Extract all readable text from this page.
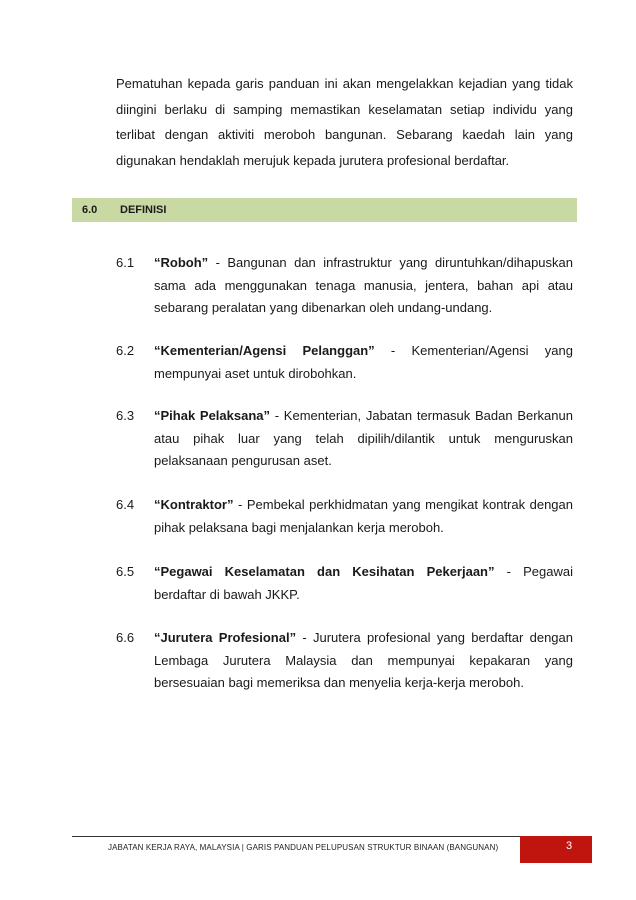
Pematuhan kepada garis panduan ini akan mengelakkan kejadian yang tidak diingini berlaku di samping memastikan keselamatan setiap individu yang terlibat dengan aktiviti meroboh bangunan. Sebarang kaedah lain yang digunakan hendaklah merujuk kepada jurutera profesional berdaftar.

6.0 DEFINISI
6.1 “Roboh” - Bangunan dan infrastruktur yang diruntuhkan/dihapuskan sama ada menggunakan tenaga manusia, jentera, bahan api atau sebarang peralatan yang dibenarkan oleh undang-undang.
6.2 “Kementerian/Agensi Pelanggan” - Kementerian/Agensi yang mempunyai aset untuk dirobohkan.
6.3 “Pihak Pelaksana” - Kementerian, Jabatan termasuk Badan Berkanun atau pihak luar yang telah dipilih/dilantik untuk menguruskan pelaksanaan pengurusan aset.
6.4 “Kontraktor” - Pembekal perkhidmatan yang mengikat kontrak dengan pihak pelaksana bagi menjalankan kerja meroboh.
6.5 “Pegawai Keselamatan dan Kesihatan Pekerjaan” - Pegawai berdaftar di bawah JKKP.
6.6 “Jurutera Profesional” - Jurutera profesional yang berdaftar dengan Lembaga Jurutera Malaysia dan mempunyai kepakaran yang bersesuaian bagi memeriksa dan menyelia kerja-kerja meroboh.
JABATAN KERJA RAYA, MALAYSIA | GARIS PANDUAN PELUPUSAN STRUKTUR BINAAN (BANGUNAN)	3
